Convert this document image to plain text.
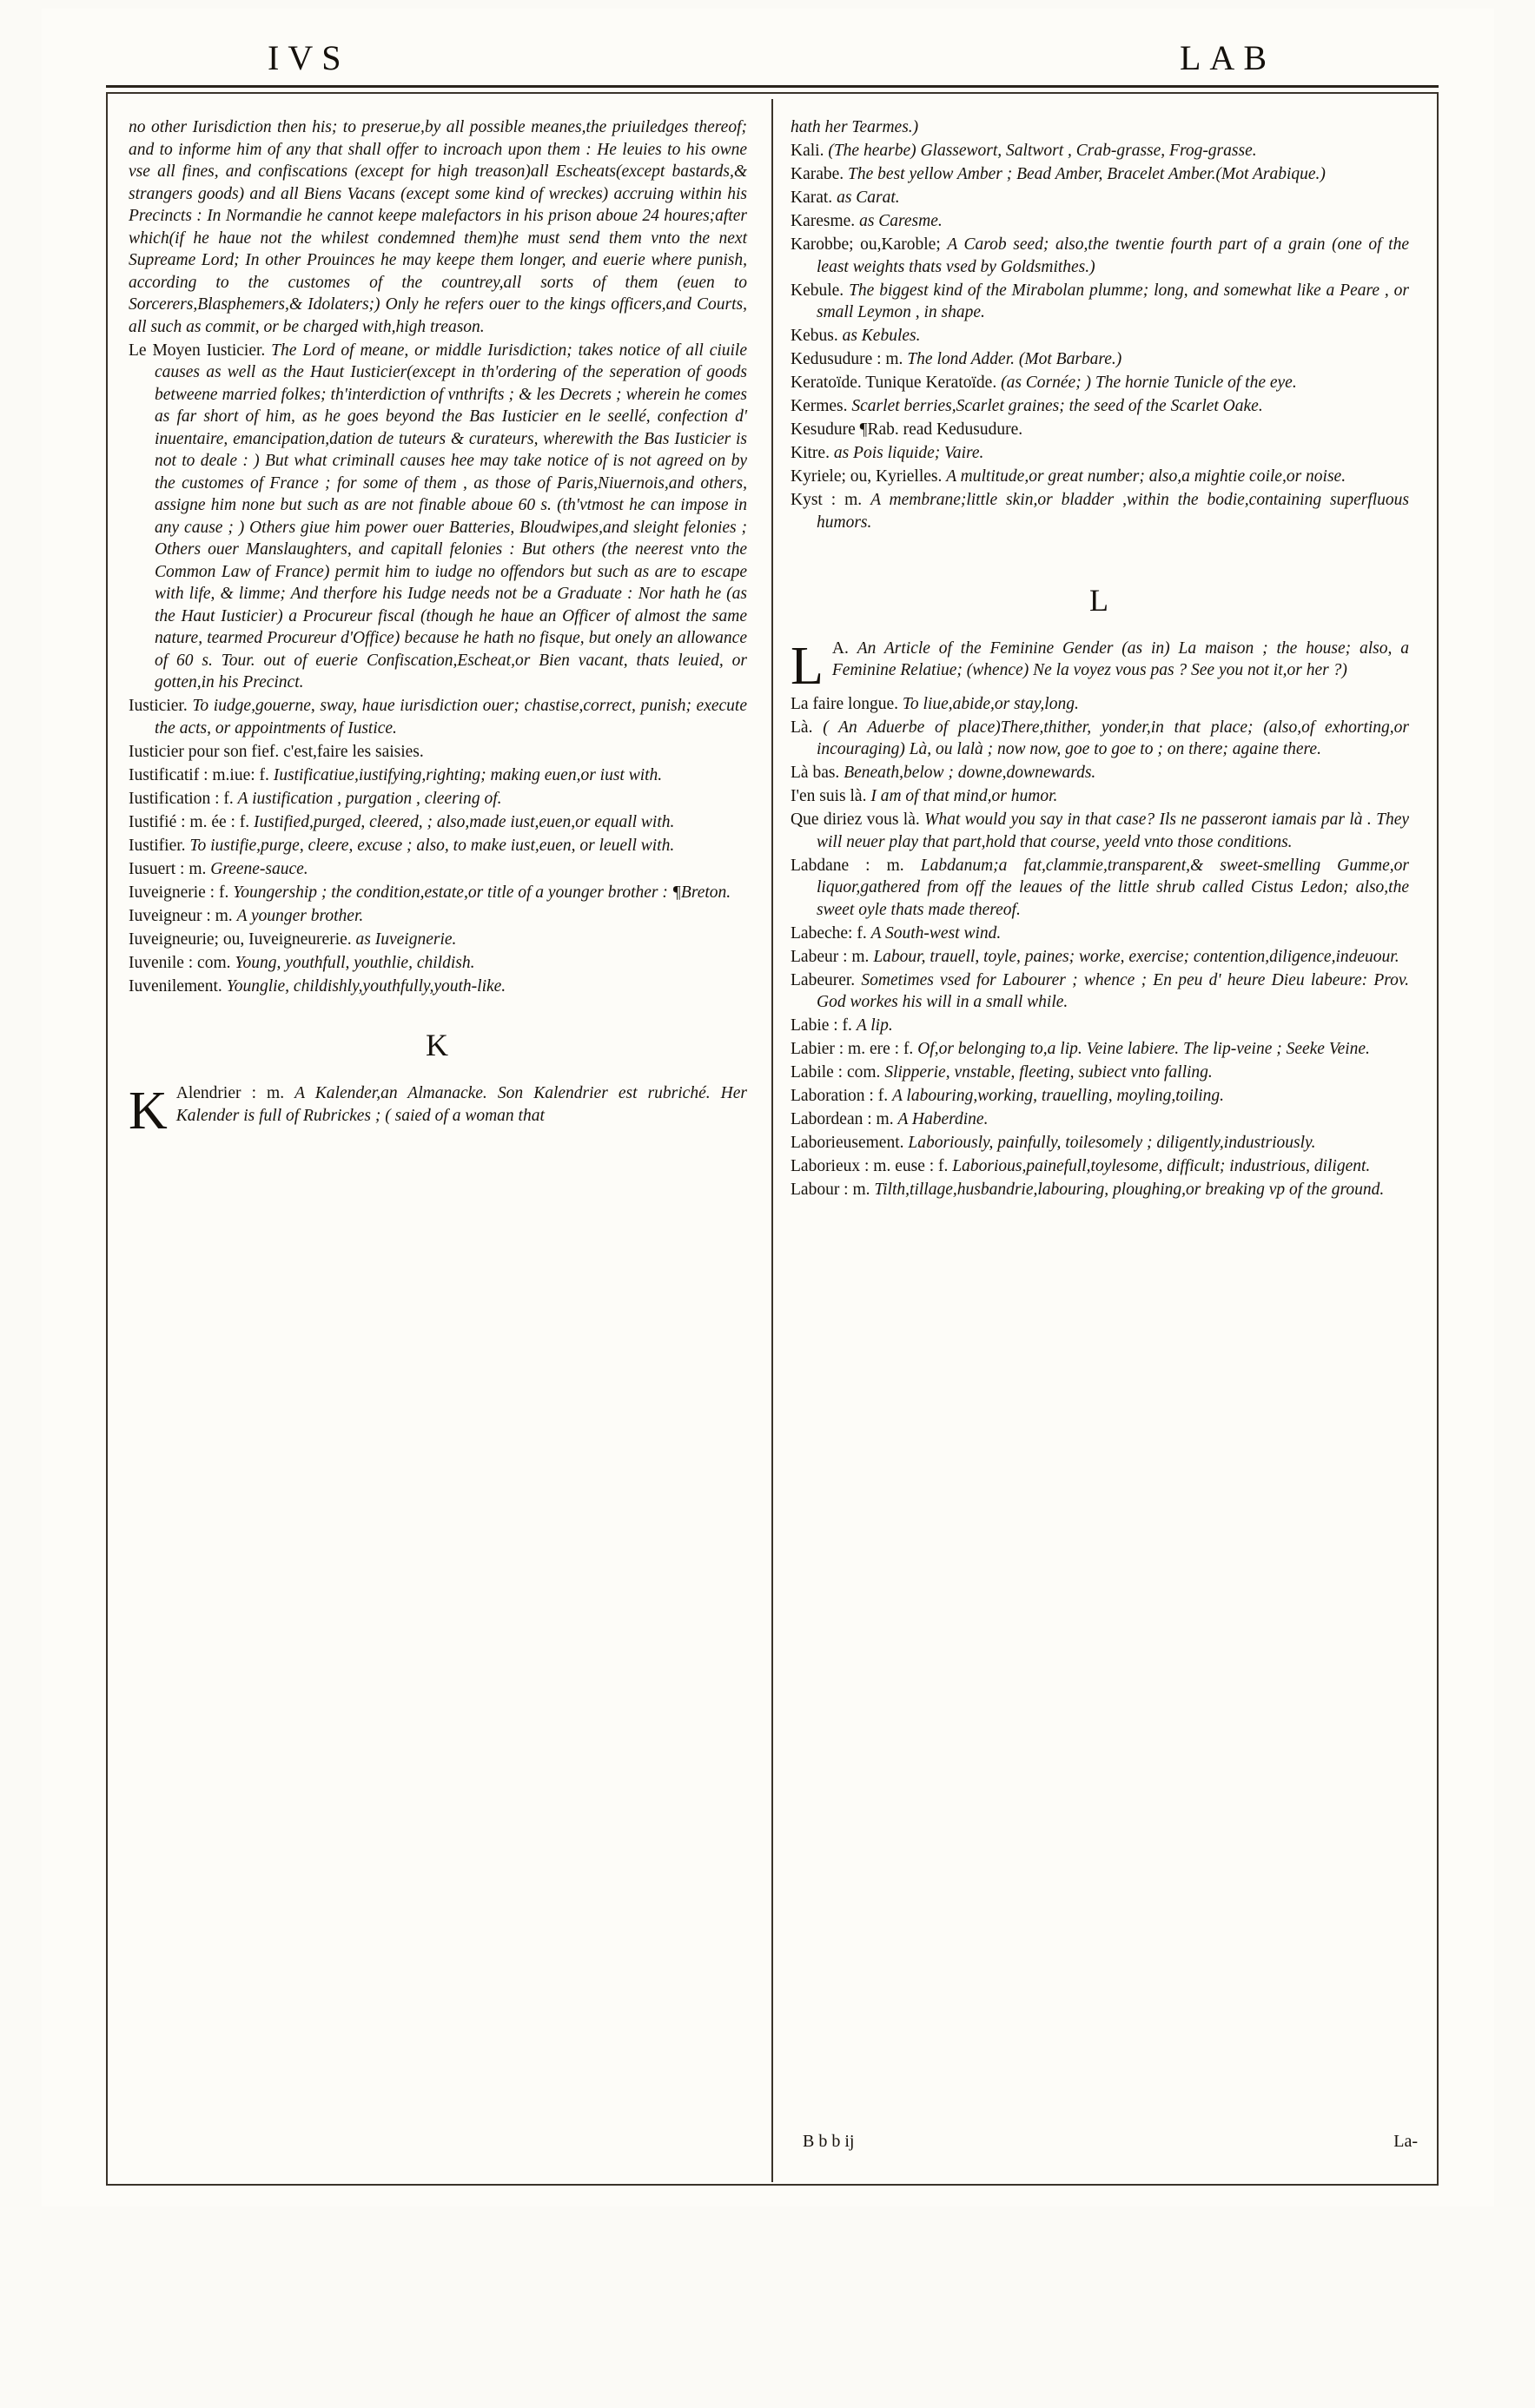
IVS	LAB

no other Iurisdiction then his; to preserue,by all possible meanes,the priuiledges thereof; and to informe him of any that shall offer to incroach upon them : He leuies to his owne vse all fines, and confiscations (except for high treason)all Escheats(except bastards,& strangers goods) and all Biens Vacans (except some kind of wreckes) accruing within his Precincts : In Normandie he cannot keepe malefactors in his prison aboue 24 houres;after which(if he haue not the whilest condemned them)he must send them vnto the next Supreame Lord; In other Prouinces he may keepe them longer, and euerie where punish, according to the customes of the countrey,all sorts of them (euen to Sorcerers,Blasphemers,& Idolaters;) Only he refers ouer to the kings officers,and Courts, all such as commit, or be charged with,high treason.

Le Moyen Iusticier. The Lord of meane, or middle Iurisdiction; takes notice of all ciuile causes as well as the Haut Iusticier(except in th'ordering of the seperation of goods betweene married folkes; th'interdiction of vnthrifts ; & les Decrets ; wherein he comes as far short of him, as he goes beyond the Bas Iusticier en le seellé, confection d' inuentaire, emancipation,dation de tuteurs & curateurs, wherewith the Bas Iusticier is not to deale : ) But what criminall causes hee may take notice of is not agreed on by the customes of France ; for some of them , as those of Paris,Niuernois,and others, assigne him none but such as are not finable aboue 60 s. (th'vtmost he can impose in any cause ; ) Others giue him power ouer Batteries, Bloudwipes,and sleight felonies ; Others ouer Manslaughters, and capitall felonies : But others (the neerest vnto the Common Law of France) permit him to iudge no offendors but such as are to escape with life, & limme; And therfore his Iudge needs not be a Graduate : Nor hath he (as the Haut Iusticier) a Procureur fiscal (though he haue an Officer of almost the same nature, tearmed Procureur d'Office) because he hath no fisque, but onely an allowance of 60 s. Tour. out of euerie Confiscation,Escheat,or Bien vacant, thats leuied, or gotten,in his Precinct.

Iusticier. To iudge,gouerne, sway, haue iurisdiction ouer; chastise,correct, punish; execute the acts, or appointments of Iustice.

Iusticier pour son fief. c'est,faire les saisies.

Iustificatif : m.iue: f. Iustificatiue,iustifying,righting; making euen,or iust with.

Iustification : f. A iustification , purgation , cleering of.

Iustifié : m. ée : f. Iustified,purged, cleered, ; also,made iust,euen,or equall with.

Iustifier. To iustifie,purge, cleere, excuse ; also, to make iust,euen, or leuell with.

Iusuert : m. Greene-sauce.

Iuveignerie : f. Youngership ; the condition,estate,or title of a younger brother : ¶Breton.

Iuveigneur : m. A younger brother.

Iuveigneurie; ou, Iuveigneurerie. as Iuveignerie.

Iuvenile : com. Young, youthfull, youthlie, childish.

Iuvenilement. Younglie, childishly,youthfully,youth-like.

K
K Alendrier : m. A Kalender,an Almanacke. Son Kalendrier est rubriché. Her Kalender is full of Rubrickes ; ( saied of a woman that

hath her Tearmes.)

Kali. (The hearbe) Glassewort, Saltwort , Crab-grasse, Frog-grasse.

Karabe. The best yellow Amber ; Bead Amber, Bracelet Amber.(Mot Arabique.)

Karat. as Carat.

Karesme. as Caresme.

Karobbe; ou,Karoble; A Carob seed; also,the twentie fourth part of a grain (one of the least weights thats vsed by Goldsmithes.)

Kebule. The biggest kind of the Mirabolan plumme; long, and somewhat like a Peare , or small Leymon , in shape.

Kebus. as Kebules.

Kedusudure : m. The lond Adder. (Mot Barbare.)

Keratoïde. Tunique Keratoïde. (as Cornée; ) The hornie Tunicle of the eye.

Kermes. Scarlet berries,Scarlet graines; the seed of the Scarlet Oake.

Kesudure ¶Rab. read Kedusudure.

Kitre. as Pois liquide; Vaire.

Kyriele; ou, Kyrielles. A multitude,or great number; also,a mightie coile,or noise.

Kyst : m. A membrane;little skin,or bladder ,within the bodie,containing superfluous humors.

L
L A. An Article of the Feminine Gender (as in) La maison ; the house; also, a Feminine Relatiue; (whence) Ne la voyez vous pas ? See you not it,or her ?)

La faire longue. To liue,abide,or stay,long.

Là. ( An Aduerbe of place)There,thither, yonder,in that place; (also,of exhorting,or incouraging) Là, ou lalà ; now now, goe to goe to ; on there; againe there.

Là bas. Beneath,below ; downe,downewards.

I'en suis là. I am of that mind,or humor.

Que diriez vous là. What would you say in that case? Ils ne passeront iamais par là . They will neuer play that part,hold that course, yeeld vnto those conditions.

Labdane : m. Labdanum;a fat,clammie,transparent,& sweet-smelling Gumme,or liquor,gathered from off the leaues of the little shrub called Cistus Ledon; also,the sweet oyle thats made thereof.

Labeche: f. A South-west wind.

Labeur : m. Labour, trauell, toyle, paines; worke, exercise; contention,diligence,indeuour.

Labeurer. Sometimes vsed for Labourer ; whence ; En peu d' heure Dieu labeure: Prov. God workes his will in a small while.

Labie : f. A lip.

Labier : m. ere : f. Of,or belonging to,a lip. Veine labiere. The lip-veine ; Seeke Veine.

Labile : com. Slipperie, vnstable, fleeting, subiect vnto falling.

Laboration : f. A labouring,working, trauelling, moyling,toiling.

Labordean : m. A Haberdine.

Laborieusement. Laboriously, painfully, toilesomely ; diligently,industriously.

Laborieux : m. euse : f. Laborious,painefull,toylesome, difficult; industrious, diligent.

Labour : m. Tilth,tillage,husbandrie,labouring, ploughing,or breaking vp of the ground.

B b b ij	La-
